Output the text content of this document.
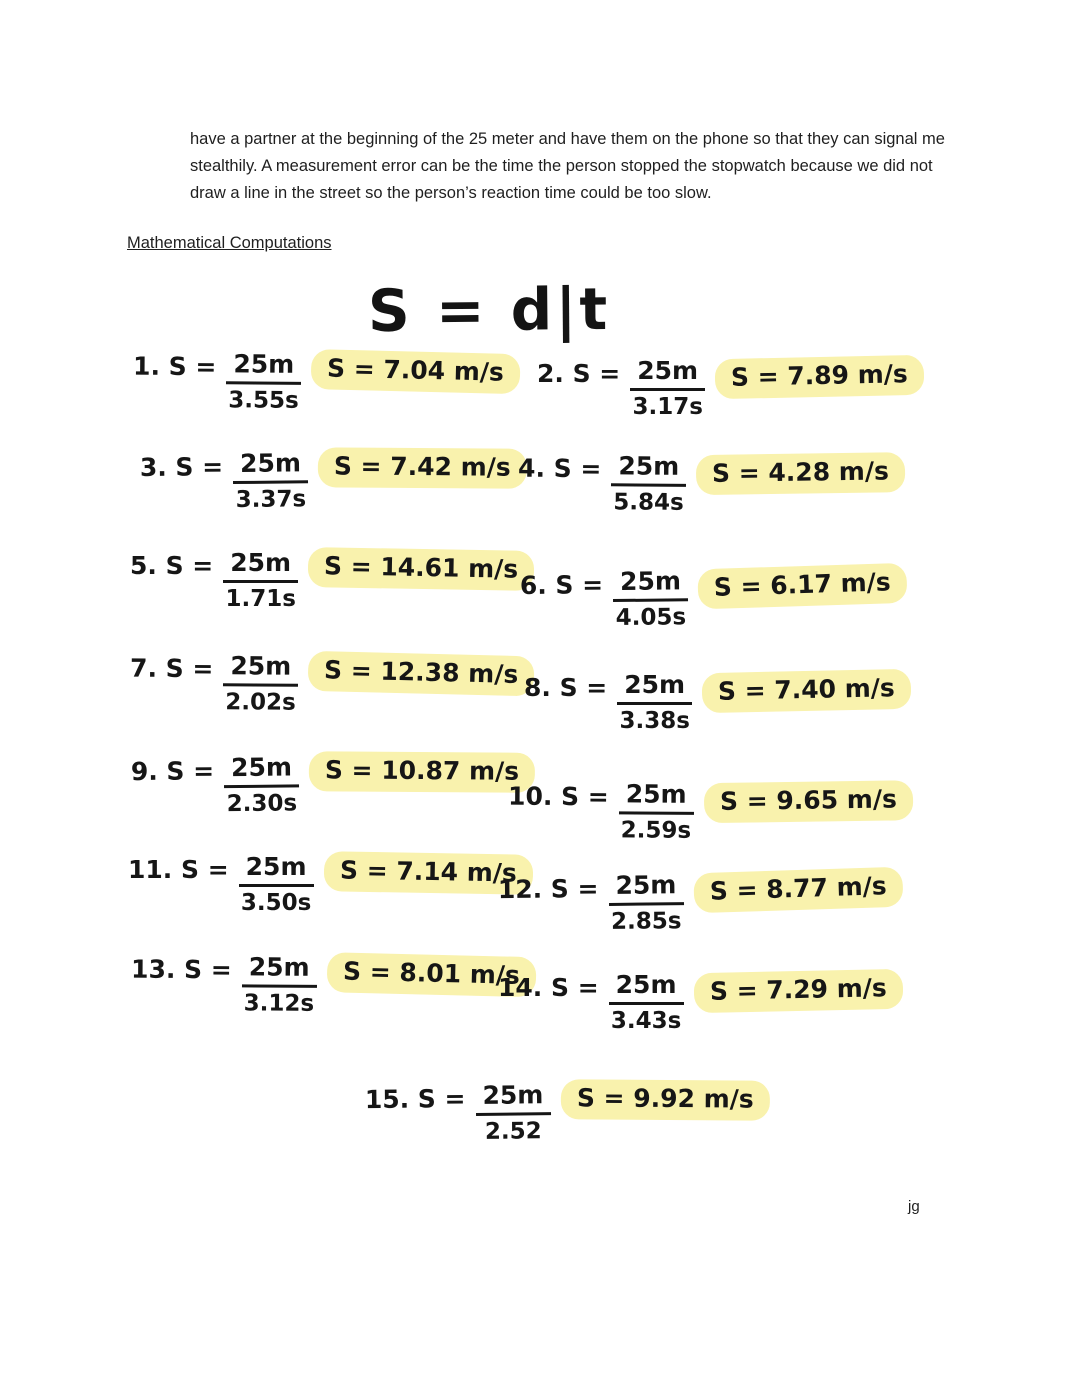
have a partner at the beginning of the 25 meter and have them on the phone so that they can signal me stealthily. A measurement error can be the time the person stopped the stopwatch because we did not draw a line in the street so the person’s reaction time could be too slow.
Mathematical Computations
S = d|t
1. $S = \frac{25m}{3.55s}$	S = 7.04 m/s	2. $S = \frac{25m}{3.17s}$	S = 7.89 m/s
3. $S = \frac{25m}{3.37s}$	S = 7.42 m/s 4. $S = \frac{25m}{5.84s}$	S = 4.28 m/s
5. $S = \frac{25m}{1.71s}$	S = 14.61 m/s
6. $S = \frac{25m}{4.05s}$	S = 6.17 m/s
7. $S = \frac{25m}{2.02s}$	S = 12.38 m/s 8. $S = \frac{25m}{3.38s}$	S = 7.40 m/s
9. $S = \frac{25m}{2.30s}$	S = 10.87 m/s
10. $S = \frac{25m}{2.59s}$	S = 9.65 m/s
11. $S = \frac{25m}{3.50s}$	S = 7.14 m/s
12. $S = \frac{25m}{2.85s}$	S = 8.77 m/s
13. $S = \frac{25m}{3.12s}$	S = 8.01 m/s
14. $S = \frac{25m}{3.43s}$	S = 7.29 m/s
15. $S = \frac{25m}{2.52}$	S = 9.92 m/s
jg
